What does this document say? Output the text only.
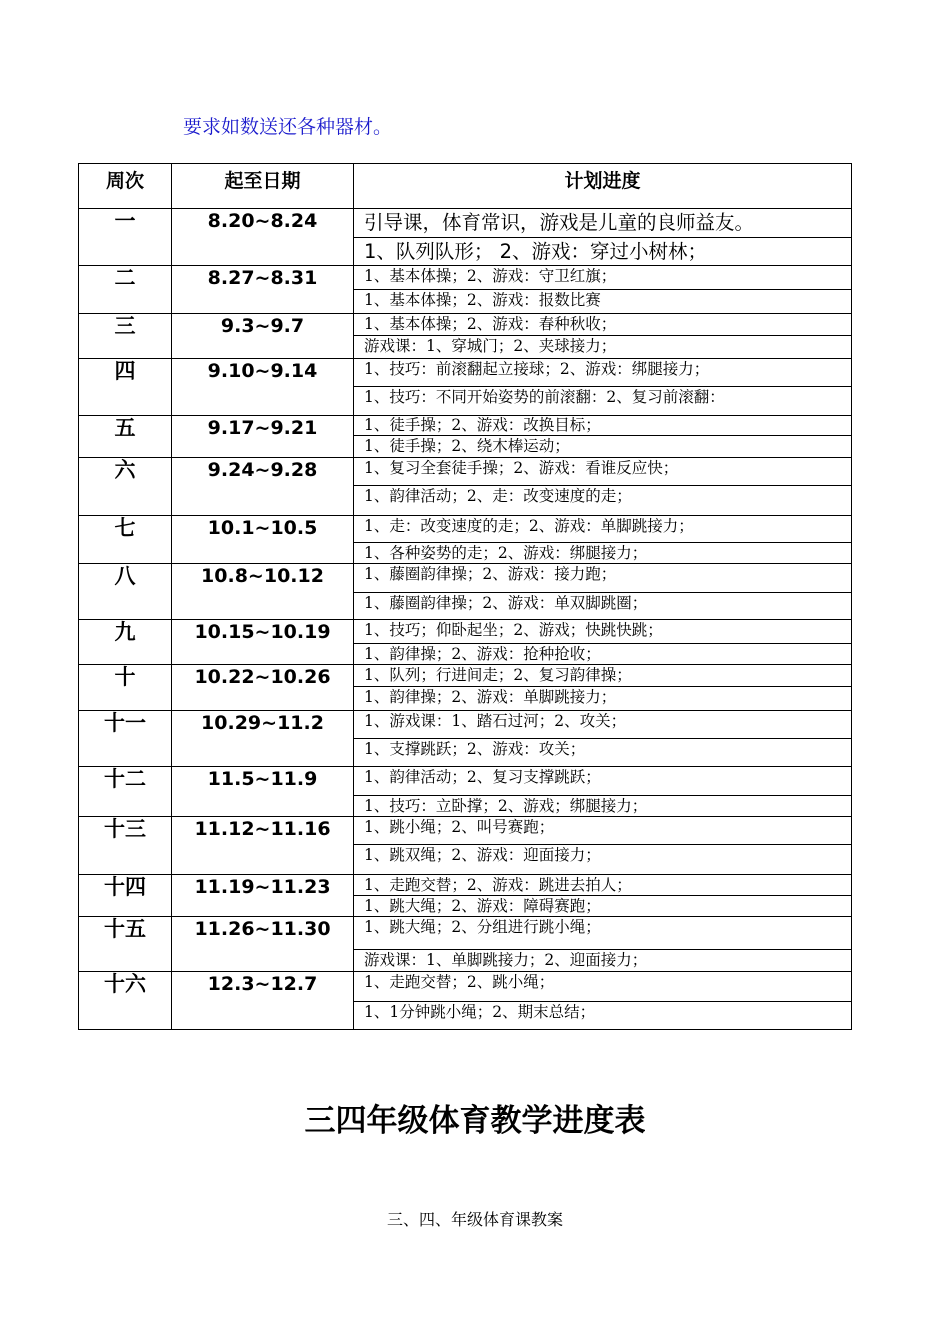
要求如数送还各种器材。
周次	起至日期	计划进度
一	8.20~8.24	引导课，体育常识，游戏是儿童的良师益友。
1、队列队形； 2、游戏：穿过小树林；

二	8.27~8.31	1、基本体操；2、游戏：守卫红旗；
1、基本体操；2、游戏：报数比赛

三	9.3~9.7	1、基本体操；2、游戏：春种秋收；
游戏课：1、穿城门；2、夹球接力；

四	9.10~9.14	1、技巧：前滚翻起立接球；2、游戏：绑腿接力；
1、技巧：不同开始姿势的前滚翻：2、复习前滚翻：

五	9.17~9.21	1、徒手操；2、游戏：改换目标；
1、徒手操；2、绕木棒运动；

六	9.24~9.28	1、复习全套徒手操；2、游戏：看谁反应快；
1、韵律活动；2、走：改变速度的走；

七	10.1~10.5	1、走：改变速度的走；2、游戏：单脚跳接力；
1、各种姿势的走；2、游戏：绑腿接力；

八	10.8~10.12	1、藤圈韵律操；2、游戏：接力跑；
1、藤圈韵律操；2、游戏：单双脚跳圈；

九	10.15~10.19	1、技巧；仰卧起坐；2、游戏；快跳快跳；
1、韵律操；2、游戏：抢种抢收；

十	10.22~10.26	1、队列；行进间走；2、复习韵律操；
1、韵律操；2、游戏：单脚跳接力；

十一	10.29~11.2	1、游戏课：1、踏石过河；2、攻关；
1、支撑跳跃；2、游戏：攻关；

十二	11.5~11.9	1、韵律活动；2、复习支撑跳跃；
1、技巧：立卧撑；2、游戏；绑腿接力；

十三	11.12~11.16	1、跳小绳；2、叫号赛跑；
1、跳双绳；2、游戏：迎面接力；

十四	11.19~11.23	1、走跑交替；2、游戏：跳进去拍人；
1、跳大绳；2、游戏：障碍赛跑；

十五	11.26~11.30	1、跳大绳；2、分组进行跳小绳；
游戏课：1、单脚跳接力；2、迎面接力；

十六	12.3~12.7	1、走跑交替；2、跳小绳；
1、1分钟跳小绳；2、期末总结；
三四年级体育教学进度表
三、四、年级体育课教案
